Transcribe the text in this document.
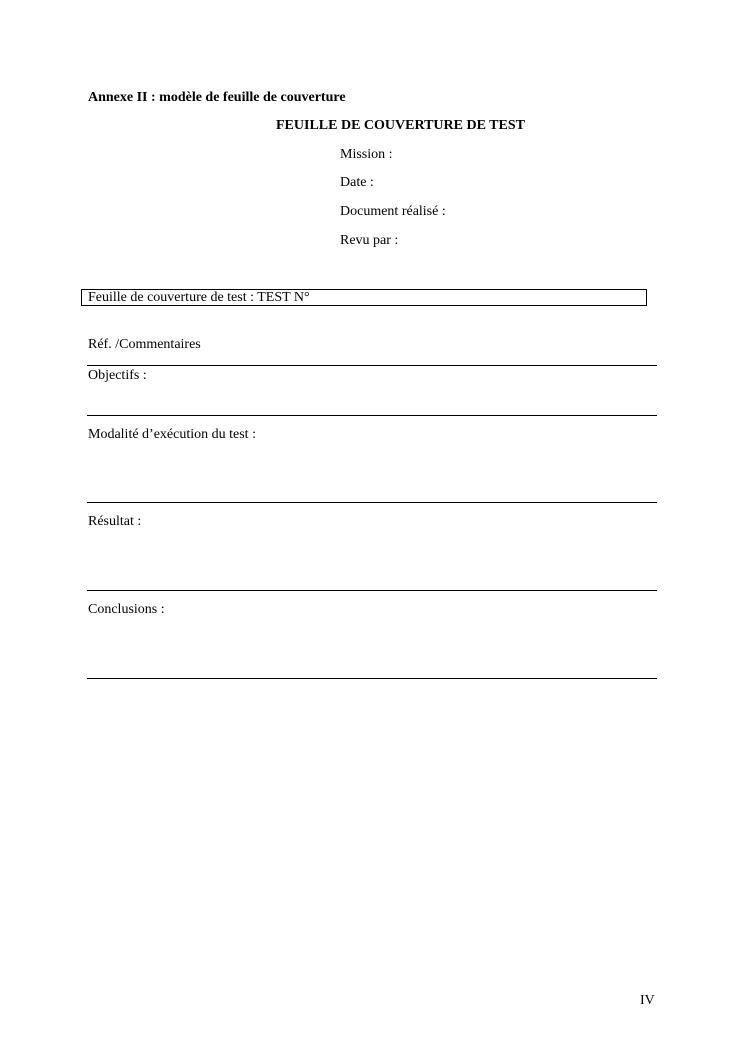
Annexe II : modèle de feuille de couverture
FEUILLE DE COUVERTURE DE TEST
Mission :
Date :
Document réalisé :
Revu par :
Feuille de couverture de test : TEST N°
Réf. /Commentaires
Objectifs :
Modalité d’exécution du test :
Résultat :
Conclusions :
IV
